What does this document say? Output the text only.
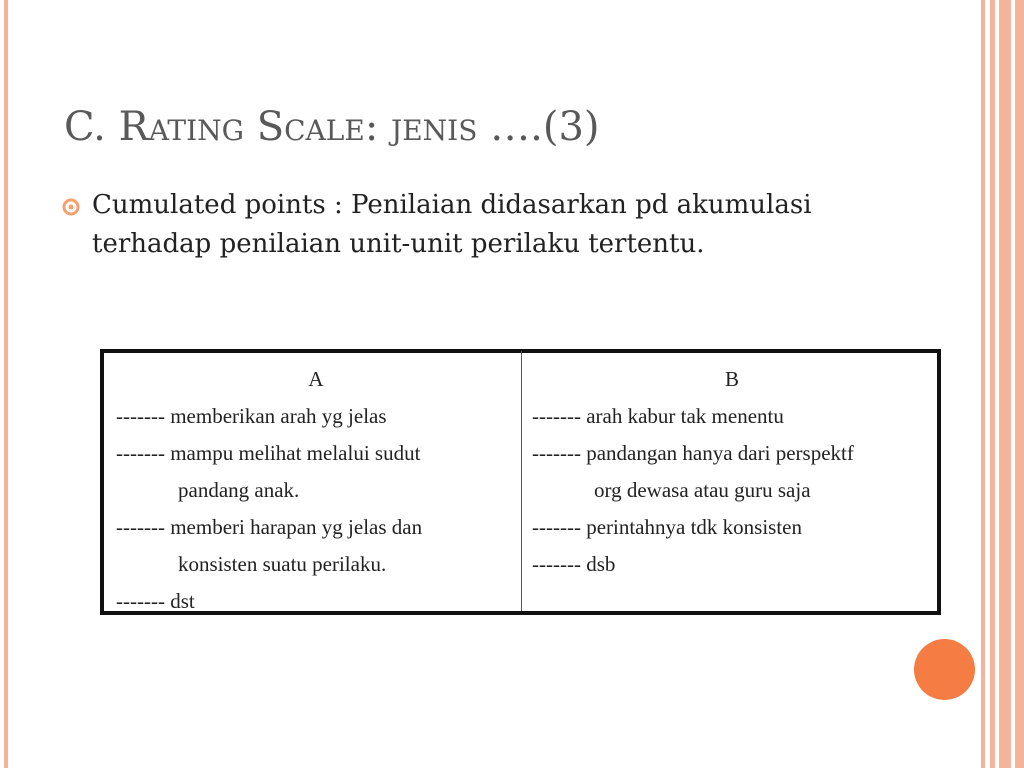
C. Rating Scale: jenis ….(3)
Cumulated points : Penilaian didasarkan pd akumulasi terhadap penilaian unit-unit perilaku tertentu.
A
------- memberikan arah yg jelas
------- mampu melihat melalui sudut
pandang anak.
------- memberi harapan yg jelas dan
konsisten suatu perilaku.
------- dst
B
------- arah kabur tak menentu
------- pandangan hanya dari perspektf
org dewasa atau guru saja
------- perintahnya tdk konsisten
------- dsb
